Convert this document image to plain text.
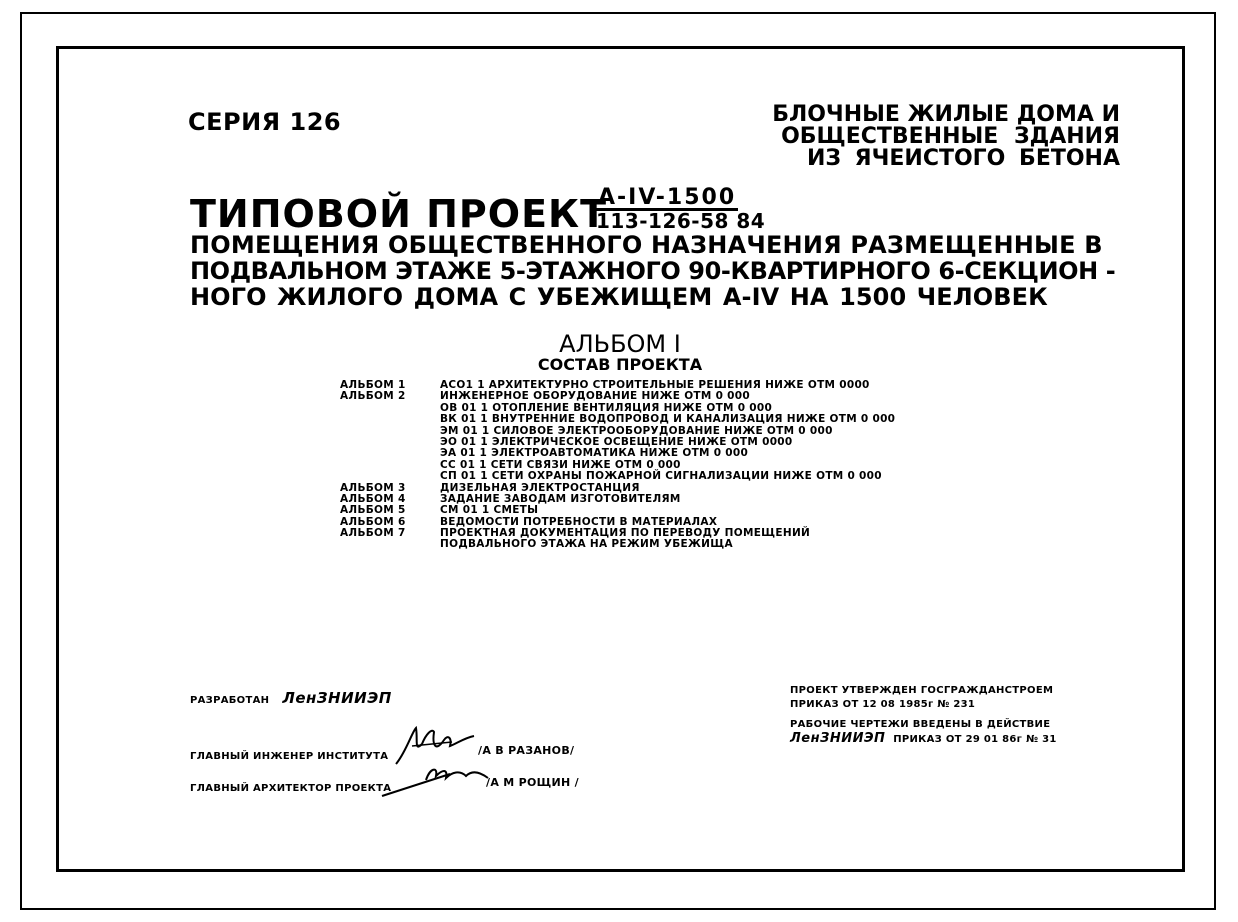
СЕРИЯ 126	БЛОЧНЫЕ ЖИЛЫЕ ДОМА И
ОБЩЕСТВЕННЫЕ ЗДАНИЯ
ИЗ ЯЧЕИСТОГО БЕТОНА
ТИПОВОЙ ПРОЕКТ
А-IV-1500
113-126-58 84
ПОМЕЩЕНИЯ ОБЩЕСТВЕННОГО НАЗНАЧЕНИЯ РАЗМЕЩЕННЫЕ В
ПОДВАЛЬНОМ ЭТАЖЕ 5-ЭТАЖНОГО 90-КВАРТИРНОГО 6-СЕКЦИОН -
НОГО ЖИЛОГО ДОМА С УБЕЖИЩЕМ А-IV НА 1500 ЧЕЛОВЕК
АЛЬБОМ I
СОСТАВ ПРОЕКТА
АЛЬБОМ 1	АСО1 1 АРХИТЕКТУРНО СТРОИТЕЛЬНЫЕ РЕШЕНИЯ НИЖЕ ОТМ 0000
АЛЬБОМ 2	ИНЖЕНЕРНОЕ ОБОРУДОВАНИЕ НИЖЕ ОТМ 0 000
ОВ 01 1 ОТОПЛЕНИЕ ВЕНТИЛЯЦИЯ НИЖЕ ОТМ 0 000
ВК 01 1 ВНУТРЕННИЕ ВОДОПРОВОД И КАНАЛИЗАЦИЯ НИЖЕ ОТМ 0 000
ЭМ 01 1 СИЛОВОЕ ЭЛЕКТРООБОРУДОВАНИЕ НИЖЕ ОТМ 0 000
ЭО 01 1 ЭЛЕКТРИЧЕСКОЕ ОСВЕЩЕНИЕ НИЖЕ ОТМ 0000
ЭА 01 1 ЭЛЕКТРОАВТОМАТИКА НИЖЕ ОТМ 0 000
СС 01 1 СЕТИ СВЯЗИ НИЖЕ ОТМ 0 000
СП 01 1 СЕТИ ОХРАНЫ ПОЖАРНОЙ СИГНАЛИЗАЦИИ НИЖЕ ОТМ 0 000
АЛЬБОМ 3	ДИЗЕЛЬНАЯ ЭЛЕКТРОСТАНЦИЯ
АЛЬБОМ 4	ЗАДАНИЕ ЗАВОДАМ ИЗГОТОВИТЕЛЯМ
АЛЬБОМ 5	СМ 01 1 СМЕТЫ
АЛЬБОМ 6	ВЕДОМОСТИ ПОТРЕБНОСТИ В МАТЕРИАЛАХ
АЛЬБОМ 7	ПРОЕКТНАЯ ДОКУМЕНТАЦИЯ ПО ПЕРЕВОДУ ПОМЕЩЕНИЙ
ПОДВАЛЬНОГО ЭТАЖА НА РЕЖИМ УБЕЖИЩА
РАЗРАБОТАН ЛенЗНИИЭП
ГЛАВНЫЙ ИНЖЕНЕР ИНСТИТУТА	/А В РАЗАНОВ/
ГЛАВНЫЙ АРХИТЕКТОР ПРОЕКТА	/А М РОЩИН /
ПРОЕКТ УТВЕРЖДЕН ГОСГРАЖДАНСТРОЕМ
ПРИКАЗ ОТ 12 08 1985г № 231
РАБОЧИЕ ЧЕРТЕЖИ ВВЕДЕНЫ В ДЕЙСТВИЕ
ЛенЗНИИЭП ПРИКАЗ ОТ 29 01 86г № 31
